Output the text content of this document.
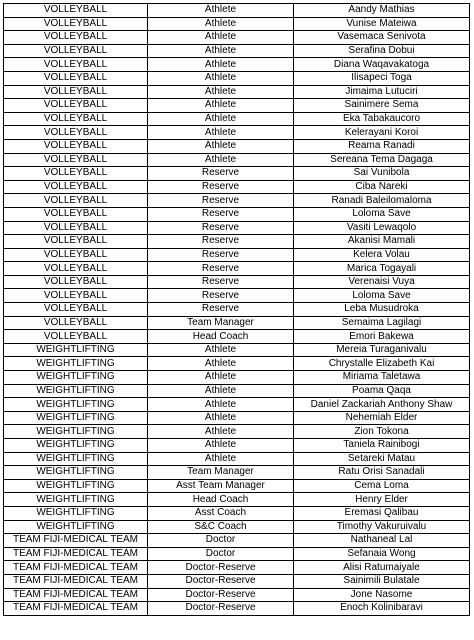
VOLLEYBALL	Athlete	Aandy Mathias
VOLLEYBALL	Athlete	Vunise Mateiwa
VOLLEYBALL	Athlete	Vasemaca Senivota
VOLLEYBALL	Athlete	Serafina Dobui
VOLLEYBALL	Athlete	Diana Waqavakatoga
VOLLEYBALL	Athlete	Ilisapeci Toga
VOLLEYBALL	Athlete	Jimaima Lutuciri
VOLLEYBALL	Athlete	Sainimere Sema
VOLLEYBALL	Athlete	Eka Tabakaucoro
VOLLEYBALL	Athlete	Kelerayani Koroi
VOLLEYBALL	Athlete	Reama Ranadi
VOLLEYBALL	Athlete	Sereana Tema Dagaga
VOLLEYBALL	Reserve	Sai Vunibola
VOLLEYBALL	Reserve	Ciba Nareki
VOLLEYBALL	Reserve	Ranadi Baleilomaloma
VOLLEYBALL	Reserve	Loloma Save
VOLLEYBALL	Reserve	Vasiti Lewaqolo
VOLLEYBALL	Reserve	Akanisi Mamali
VOLLEYBALL	Reserve	Kelera Volau
VOLLEYBALL	Reserve	Marica Togayali
VOLLEYBALL	Reserve	Verenaisi Vuya
VOLLEYBALL	Reserve	Loloma Save
VOLLEYBALL	Reserve	Leba Musudroka
VOLLEYBALL	Team Manager	Semaima Lagilagi
VOLLEYBALL	Head Coach	Emori Bakewa
WEIGHTLIFTING	Athlete	Mereia Turaganivalu
WEIGHTLIFTING	Athlete	Chrystalle Elizabeth Kai
WEIGHTLIFTING	Athlete	Miriama Taletawa
WEIGHTLIFTING	Athlete	Poama Qaqa
WEIGHTLIFTING	Athlete	Daniel Zackariah Anthony Shaw
WEIGHTLIFTING	Athlete	Nehemiah Elder
WEIGHTLIFTING	Athlete	Zion Tokona
WEIGHTLIFTING	Athlete	Taniela Rainibogi
WEIGHTLIFTING	Athlete	Setareki Matau
WEIGHTLIFTING	Team Manager	Ratu Orisi Sanadali
WEIGHTLIFTING	Asst Team Manager	Cema Loma
WEIGHTLIFTING	Head Coach	Henry Elder
WEIGHTLIFTING	Asst Coach	Eremasi Qalibau
WEIGHTLIFTING	S&C Coach	Timothy Vakuruivalu
TEAM FIJI-MEDICAL TEAM	Doctor	Nathaneal Lal
TEAM FIJI-MEDICAL TEAM	Doctor	Sefanaia Wong
TEAM FIJI-MEDICAL TEAM	Doctor-Reserve	Alisi Ratumaiyale
TEAM FIJI-MEDICAL TEAM	Doctor-Reserve	Sainimili Bulatale
TEAM FIJI-MEDICAL TEAM	Doctor-Reserve	Jone Nasome
TEAM FIJI-MEDICAL TEAM	Doctor-Reserve	Enoch Kolinibaravi
